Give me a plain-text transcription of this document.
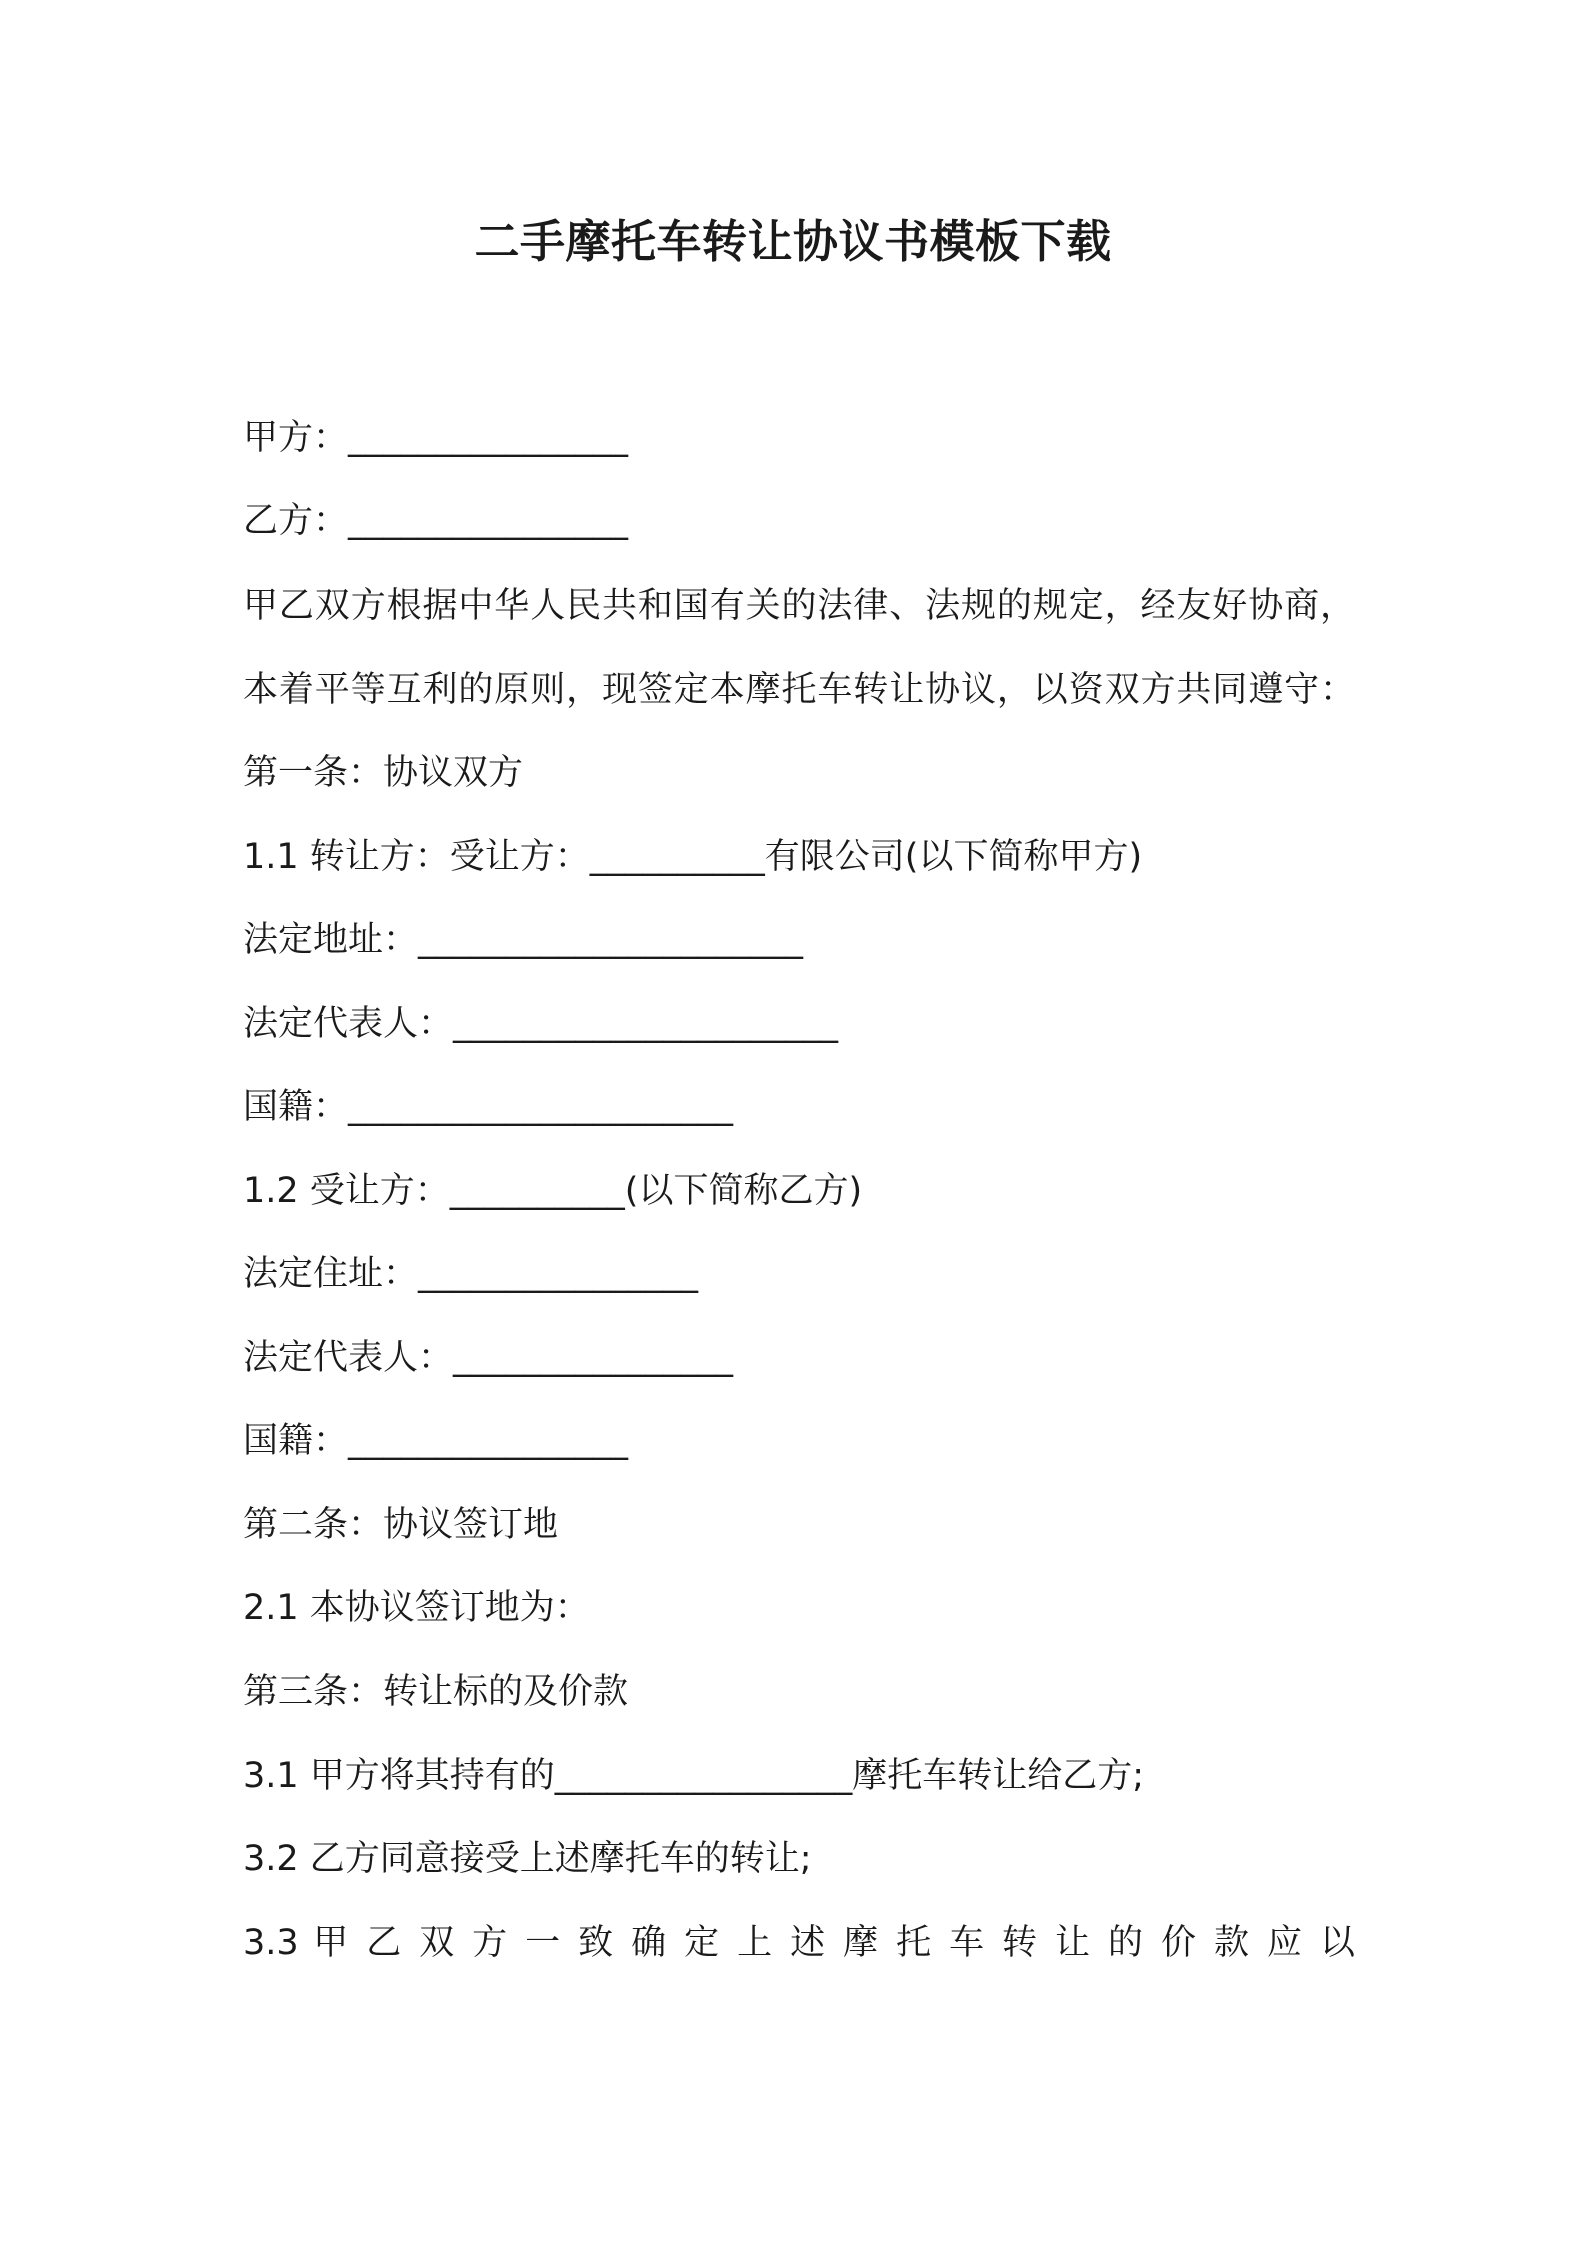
二手摩托车转让协议书模板下载
甲方：________________
乙方：________________
甲乙双方根据中华人民共和国有关的法律、法规的规定，经友好协商，
本着平等互利的原则，现签定本摩托车转让协议，以资双方共同遵守：
第一条：协议双方
1.1 转让方：受让方：__________有限公司(以下简称甲方)
法定地址：______________________
法定代表人：______________________
国籍：______________________
1.2 受让方：__________(以下简称乙方)
法定住址：________________
法定代表人：________________
国籍：________________
第二条：协议签订地
2.1 本协议签订地为：
第三条：转让标的及价款
3.1 甲方将其持有的_________________摩托车转让给乙方;
3.2 乙方同意接受上述摩托车的转让;
3.3 甲 乙 双 方 一 致 确 定 上 述 摩 托 车 转 让 的 价 款 应 以
